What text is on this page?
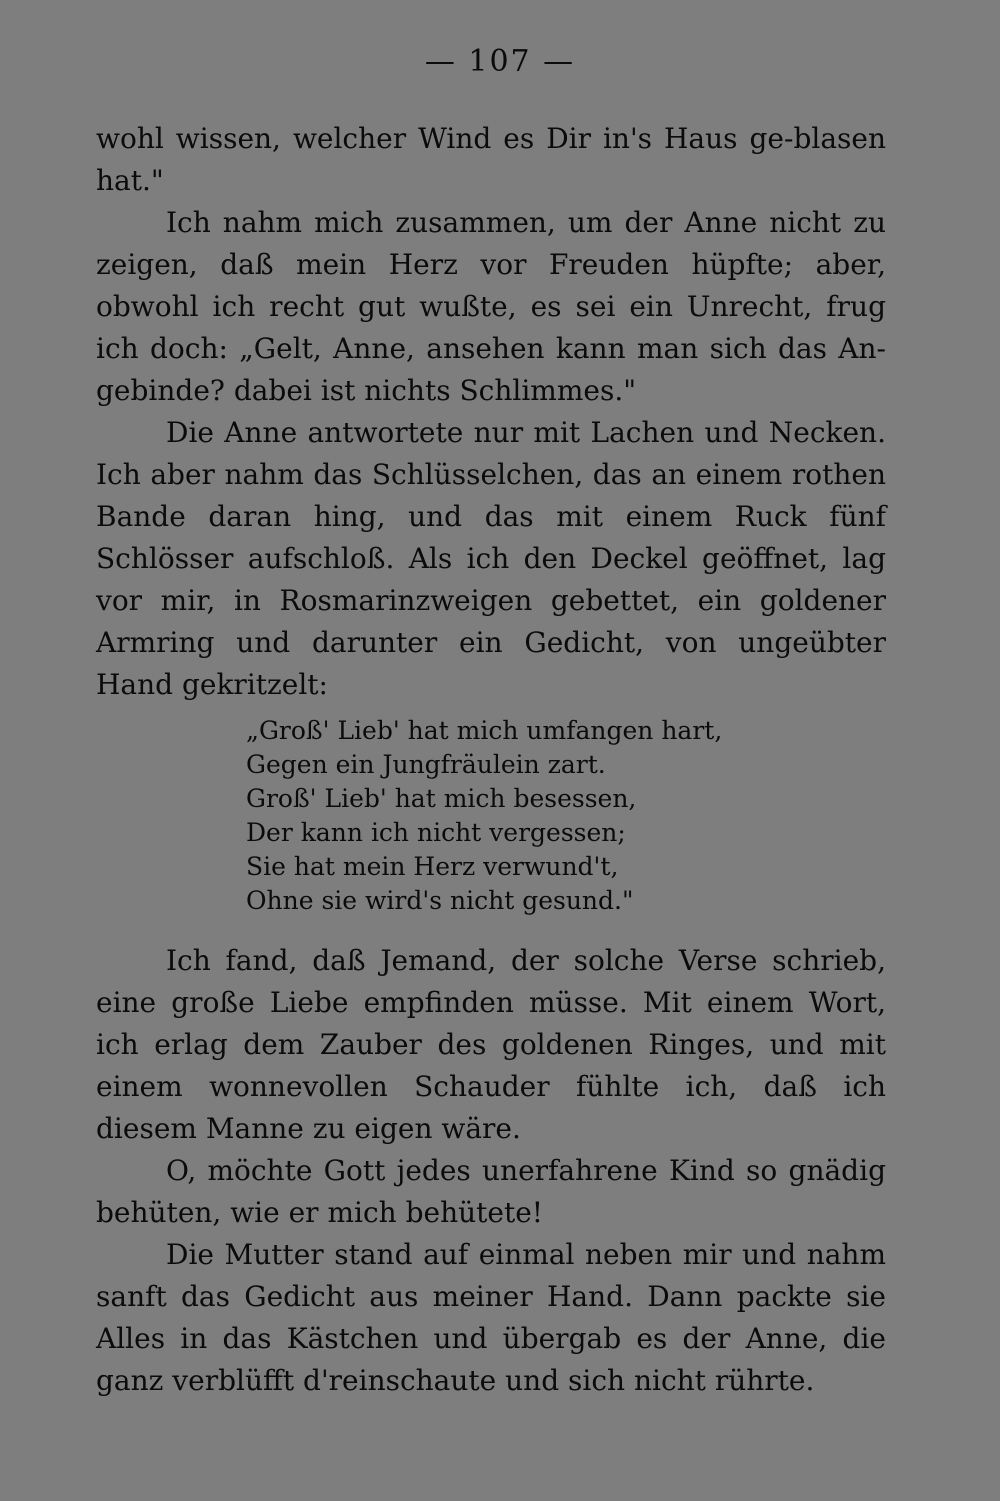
— 107 —

wohl wissen, welcher Wind es Dir in's Haus ge-blasen hat."

Ich nahm mich zusammen, um der Anne nicht zu zeigen, daß mein Herz vor Freuden hüpfte; aber, obwohl ich recht gut wußte, es sei ein Unrecht, frug ich doch: „Gelt, Anne, ansehen kann man sich das An-gebinde? dabei ist nichts Schlimmes."

Die Anne antwortete nur mit Lachen und Necken. Ich aber nahm das Schlüsselchen, das an einem rothen Bande daran hing, und das mit einem Ruck fünf Schlösser aufschloß. Als ich den Deckel geöffnet, lag vor mir, in Rosmarinzweigen gebettet, ein goldener Armring und darunter ein Gedicht, von ungeübter Hand gekritzelt:

„Groß' Lieb' hat mich umfangen hart,
Gegen ein Jungfräulein zart.
Groß' Lieb' hat mich besessen,
Der kann ich nicht vergessen;
Sie hat mein Herz verwund't,
Ohne sie wird's nicht gesund."

Ich fand, daß Jemand, der solche Verse schrieb, eine große Liebe empfinden müsse. Mit einem Wort, ich erlag dem Zauber des goldenen Ringes, und mit einem wonnevollen Schauder fühlte ich, daß ich diesem Manne zu eigen wäre.

O, möchte Gott jedes unerfahrene Kind so gnädig behüten, wie er mich behütete!

Die Mutter stand auf einmal neben mir und nahm sanft das Gedicht aus meiner Hand. Dann packte sie Alles in das Kästchen und übergab es der Anne, die ganz verblüfft d'reinschaute und sich nicht rührte.
